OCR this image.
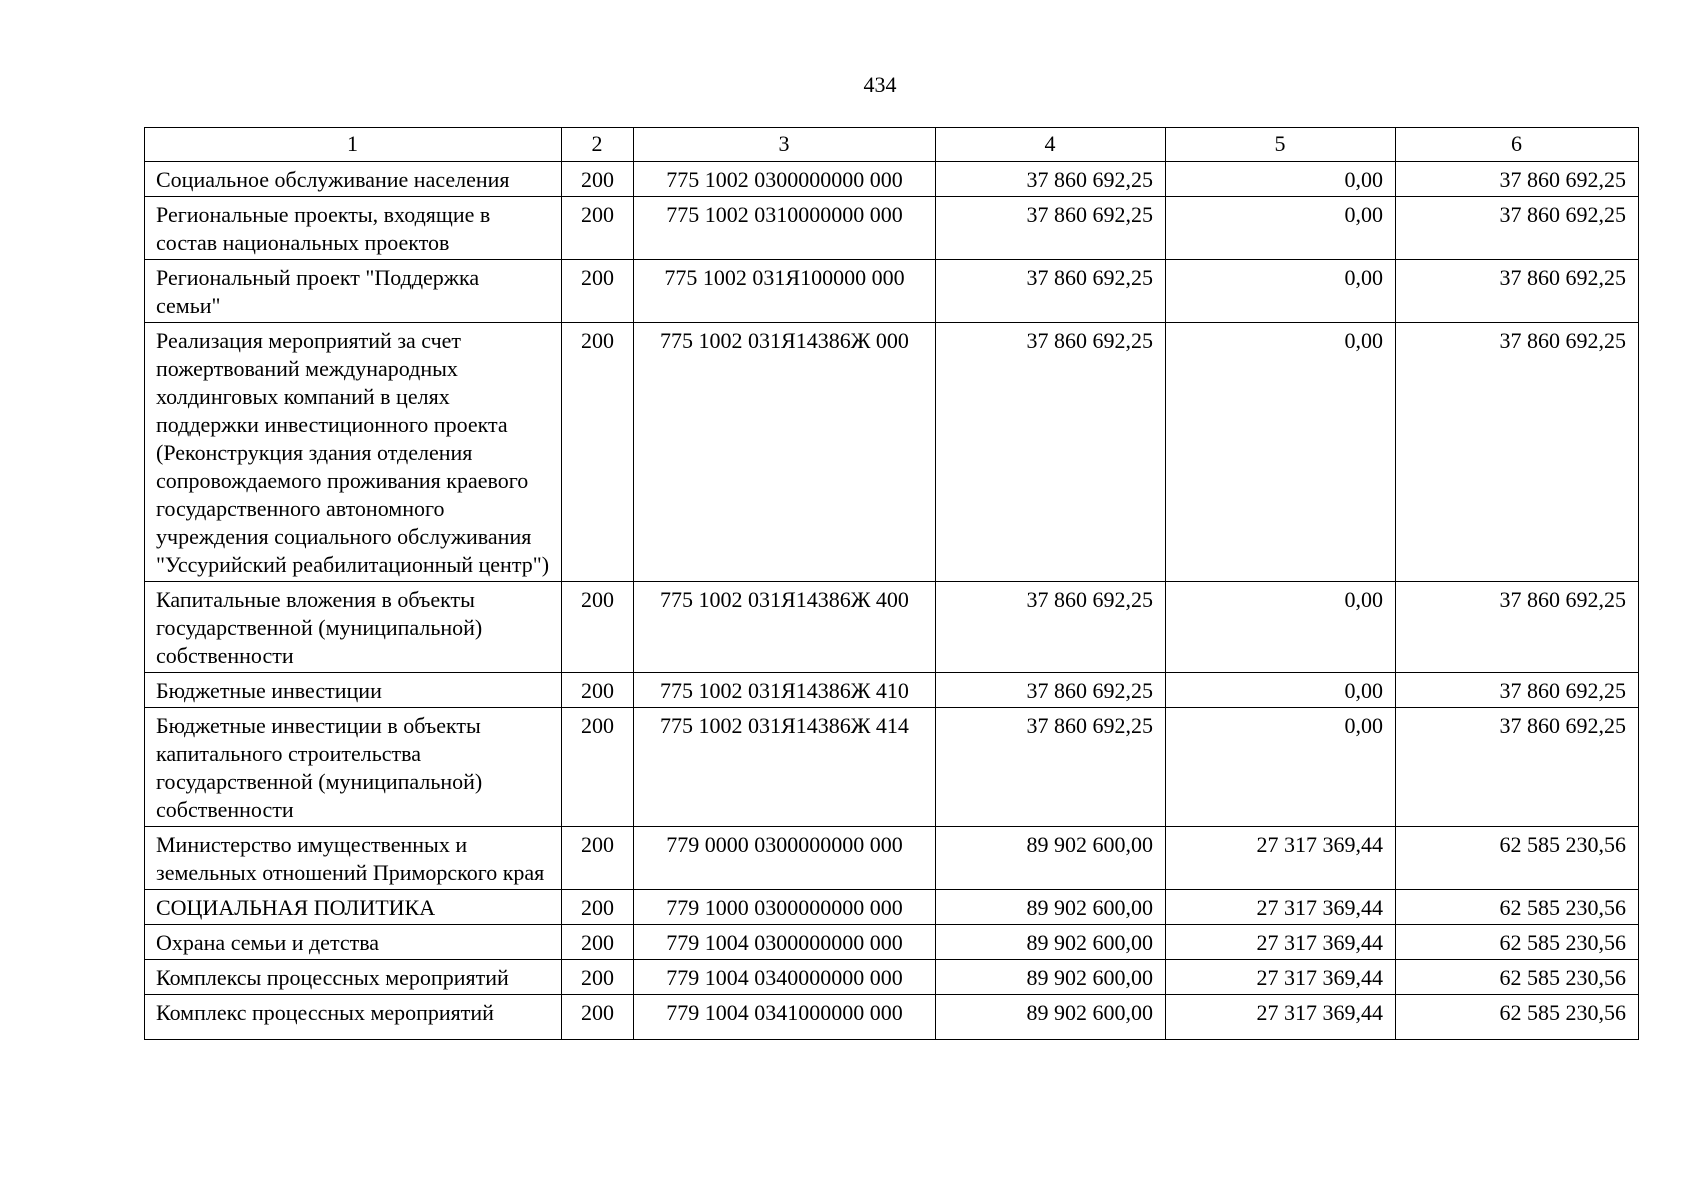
434
1	2	3	4	5	6
Социальное обслуживание населения	200	775 1002 0300000000 000	37 860 692,25	0,00	37 860 692,25
Региональные проекты, входящие в состав национальных проектов	200	775 1002 0310000000 000	37 860 692,25	0,00	37 860 692,25
Региональный проект "Поддержка семьи"	200	775 1002 031Я100000 000	37 860 692,25	0,00	37 860 692,25
Реализация мероприятий за счет пожертвований международных холдинговых компаний в целях поддержки инвестиционного проекта (Реконструкция здания отделения сопровождаемого проживания краевого государственного автономного учреждения социального обслуживания "Уссурийский реабилитационный центр")	200	775 1002 031Я14386Ж 000	37 860 692,25	0,00	37 860 692,25
Капитальные вложения в объекты государственной (муниципальной) собственности	200	775 1002 031Я14386Ж 400	37 860 692,25	0,00	37 860 692,25
Бюджетные инвестиции	200	775 1002 031Я14386Ж 410	37 860 692,25	0,00	37 860 692,25
Бюджетные инвестиции в объекты капитального строительства государственной (муниципальной) собственности	200	775 1002 031Я14386Ж 414	37 860 692,25	0,00	37 860 692,25
Министерство имущественных и земельных отношений Приморского края	200	779 0000 0300000000 000	89 902 600,00	27 317 369,44	62 585 230,56
СОЦИАЛЬНАЯ ПОЛИТИКА	200	779 1000 0300000000 000	89 902 600,00	27 317 369,44	62 585 230,56
Охрана семьи и детства	200	779 1004 0300000000 000	89 902 600,00	27 317 369,44	62 585 230,56
Комплексы процессных мероприятий	200	779 1004 0340000000 000	89 902 600,00	27 317 369,44	62 585 230,56
Комплекс процессных мероприятий	200	779 1004 0341000000 000	89 902 600,00	27 317 369,44	62 585 230,56
